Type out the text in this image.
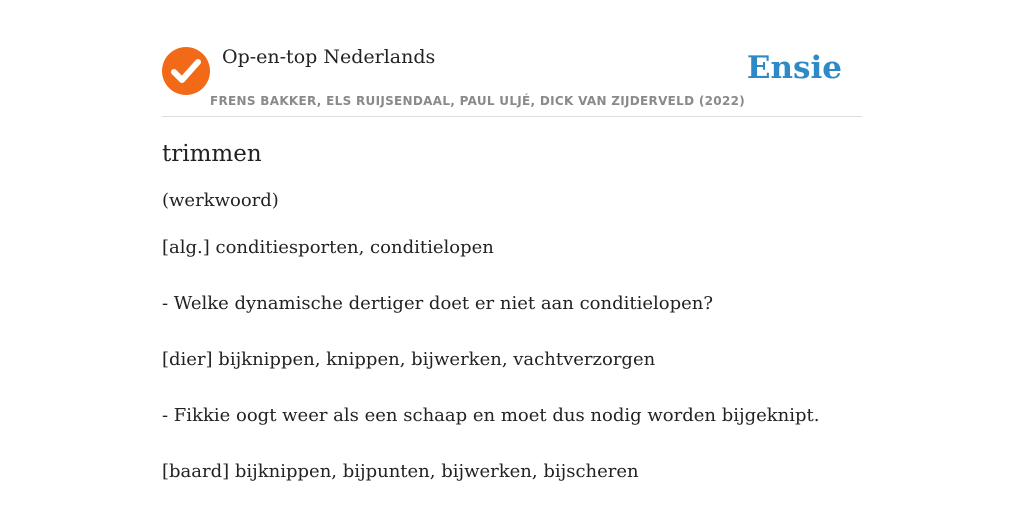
Op-en-top Nederlands
FRENS BAKKER, ELS RUIJSENDAAL, PAUL ULJÉ, DICK VAN ZIJDERVELD (2022)
Ensie
trimmen
(werkwoord)
[alg.] conditiesporten, conditielopen
- Welke dynamische dertiger doet er niet aan conditielopen?
[dier] bijknippen, knippen, bijwerken, vachtverzorgen
- Fikkie oogt weer als een schaap en moet dus nodig worden bijgeknipt.
[baard] bijknippen, bijpunten, bijwerken, bijscheren
